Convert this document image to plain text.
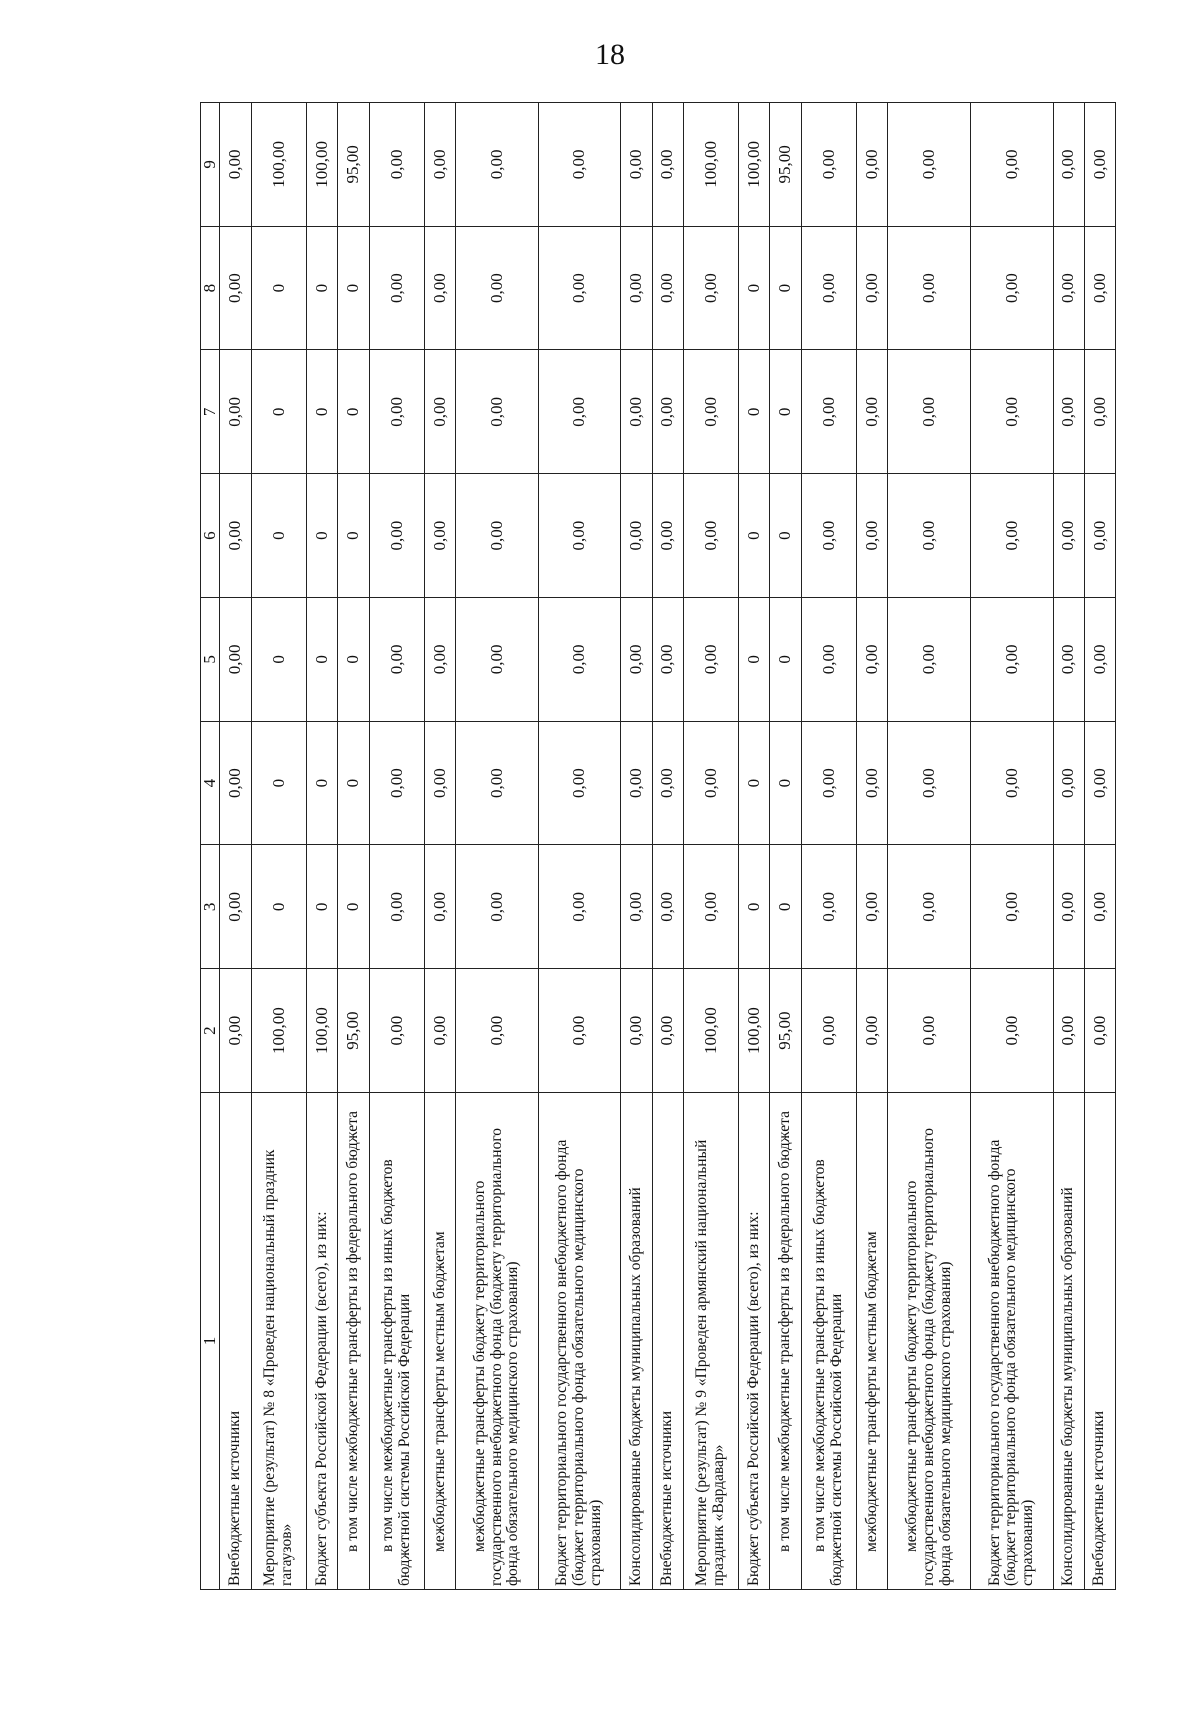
18
1	2	3	4	5	6	7	8	9
Внебюджетные источники	0,00	0,00	0,00	0,00	0,00	0,00	0,00	0,00
Мероприятие (результат) № 8 «Проведен национальный праздник гагаузов»	100,00	0	0	0	0	0	0	100,00
Бюджет субъекта Российской Федерации (всего), из них:	100,00	0	0	0	0	0	0	100,00
в том числе межбюджетные трансферты из федерального бюджета	95,00	0	0	0	0	0	0	95,00
в том числе межбюджетные трансферты из иных бюджетов бюджетной системы Российской Федерации	0,00	0,00	0,00	0,00	0,00	0,00	0,00	0,00
межбюджетные трансферты местным бюджетам	0,00	0,00	0,00	0,00	0,00	0,00	0,00	0,00
межбюджетные трансферты бюджету территориального государственного внебюджетного фонда (бюджету территориального фонда обязательного медицинского страхования)	0,00	0,00	0,00	0,00	0,00	0,00	0,00	0,00
Бюджет территориального государственного внебюджетного фонда (бюджет территориального фонда обязательного медицинского страхования)	0,00	0,00	0,00	0,00	0,00	0,00	0,00	0,00
Консолидированные бюджеты муниципальных образований	0,00	0,00	0,00	0,00	0,00	0,00	0,00	0,00
Внебюджетные источники	0,00	0,00	0,00	0,00	0,00	0,00	0,00	0,00
Мероприятие (результат) № 9 «Проведен армянский национальный праздник «Вардавар»	100,00	0,00	0,00	0,00	0,00	0,00	0,00	100,00
Бюджет субъекта Российской Федерации (всего), из них:	100,00	0	0	0	0	0	0	100,00
в том числе межбюджетные трансферты из федерального бюджета	95,00	0	0	0	0	0	0	95,00
в том числе межбюджетные трансферты из иных бюджетов бюджетной системы Российской Федерации	0,00	0,00	0,00	0,00	0,00	0,00	0,00	0,00
межбюджетные трансферты местным бюджетам	0,00	0,00	0,00	0,00	0,00	0,00	0,00	0,00
межбюджетные трансферты бюджету территориального государственного внебюджетного фонда (бюджету территориального фонда обязательного медицинского страхования)	0,00	0,00	0,00	0,00	0,00	0,00	0,00	0,00
Бюджет территориального государственного внебюджетного фонда (бюджет территориального фонда обязательного медицинского страхования)	0,00	0,00	0,00	0,00	0,00	0,00	0,00	0,00
Консолидированные бюджеты муниципальных образований	0,00	0,00	0,00	0,00	0,00	0,00	0,00	0,00
Внебюджетные источники	0,00	0,00	0,00	0,00	0,00	0,00	0,00	0,00
